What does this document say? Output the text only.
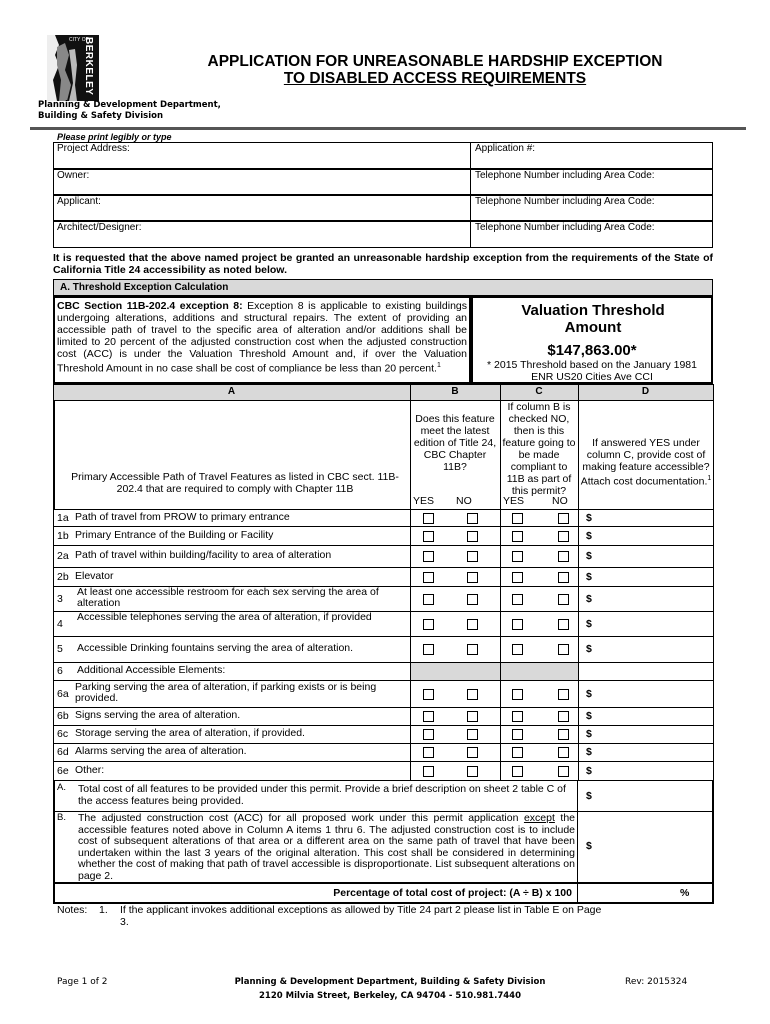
CITY OF
BERKELEY	APPLICATION FOR UNREASONABLE HARDSHIP EXCEPTION
TO DISABLED ACCESS REQUIREMENTS
Planning & Development Department,
Building & Safety Division
Please print legibly or type
It is requested that the above named project be granted an unreasonable hardship exception from the requirements of the State of California Title 24 accessibility as noted below.
A. Threshold Exception Calculation
CBC Section 11B-202.4 exception 8: Exception 8 is applicable to existing buildings undergoing alterations, additions and structural repairs. The extent of providing an accessible path of travel to the specific area of alteration and/or additions shall be limited to 20 percent of the adjusted construction cost when the adjusted construction cost (ACC) is under the Valuation Threshold Amount and, if over the Valuation Threshold Amount in no case shall be cost of compliance be less than 20 percent.$^1$
Valuation Threshold Amount
$147,863.00*
* 2015 Threshold based on the January 1981 ENR US20 Cities Ave CCI
Notes: 1. If the applicant invokes additional exceptions as allowed by Title 24 part 2 please list in Table E on Page 3.
Page 1 of 2	Planning & Development Department, Building & Safety Division
2120 Milvia Street, Berkeley, CA 94704 - 510.981.7440
Rev: 2015324
Project Address:	Application #:
Owner:	Telephone Number including Area Code:
Applicant:	Telephone Number including Area Code:
Architect/Designer:	Telephone Number including Area Code:
A	B	C	D
Primary Accessible Path of Travel Features as listed in CBC sect. 11B-202.4 that are required to comply with Chapter 11B
Does this feature meet the latest edition of Title 24, CBC Chapter 11B?
If column B is checked NO, then is this feature going to be made compliant to 11B as part of this permit?
If answered YES under column C, provide cost of making feature accessible? Attach cost documentation.$^1$
YES NO	YES	NO
1a Path of travel from PROW to primary entrance	$
1b Primary Entrance of the Building or Facility	$
2a Path of travel within building/facility to area of alteration	$
2b Elevator	$
3
At least one accessible restroom for each sex serving the area of alteration	$
4
Accessible telephones serving the area of alteration, if provided
$
5 Accessible Drinking fountains serving the area of alteration.	$
6 Additional Accessible Elements:
6a
Parking serving the area of alteration, if parking exists or is being provided.	$
6b Signs serving the area of alteration.	$
6c Storage serving the area of alteration, if provided.	$
6d Alarms serving the area of alteration.	$
6e Other:	$
A. Total cost of all features to be provided under this permit. Provide a brief description on sheet 2 table C of the access features being provided.	$
B. The adjusted construction cost (ACC) for all proposed work under this permit application except the accessible features noted above in Column A items 1 thru 6. The adjusted construction cost is to include cost of subsequent alterations of that area or a different area on the same path of travel that have been undertaken within the last 3 years of the original alteration. This cost shall be considered in determining whether the cost of making that path of travel accessible is disproportionate. List subsequent alterations on page 2.
$
Percentage of total cost of project: (A ÷ B) x 100	%
